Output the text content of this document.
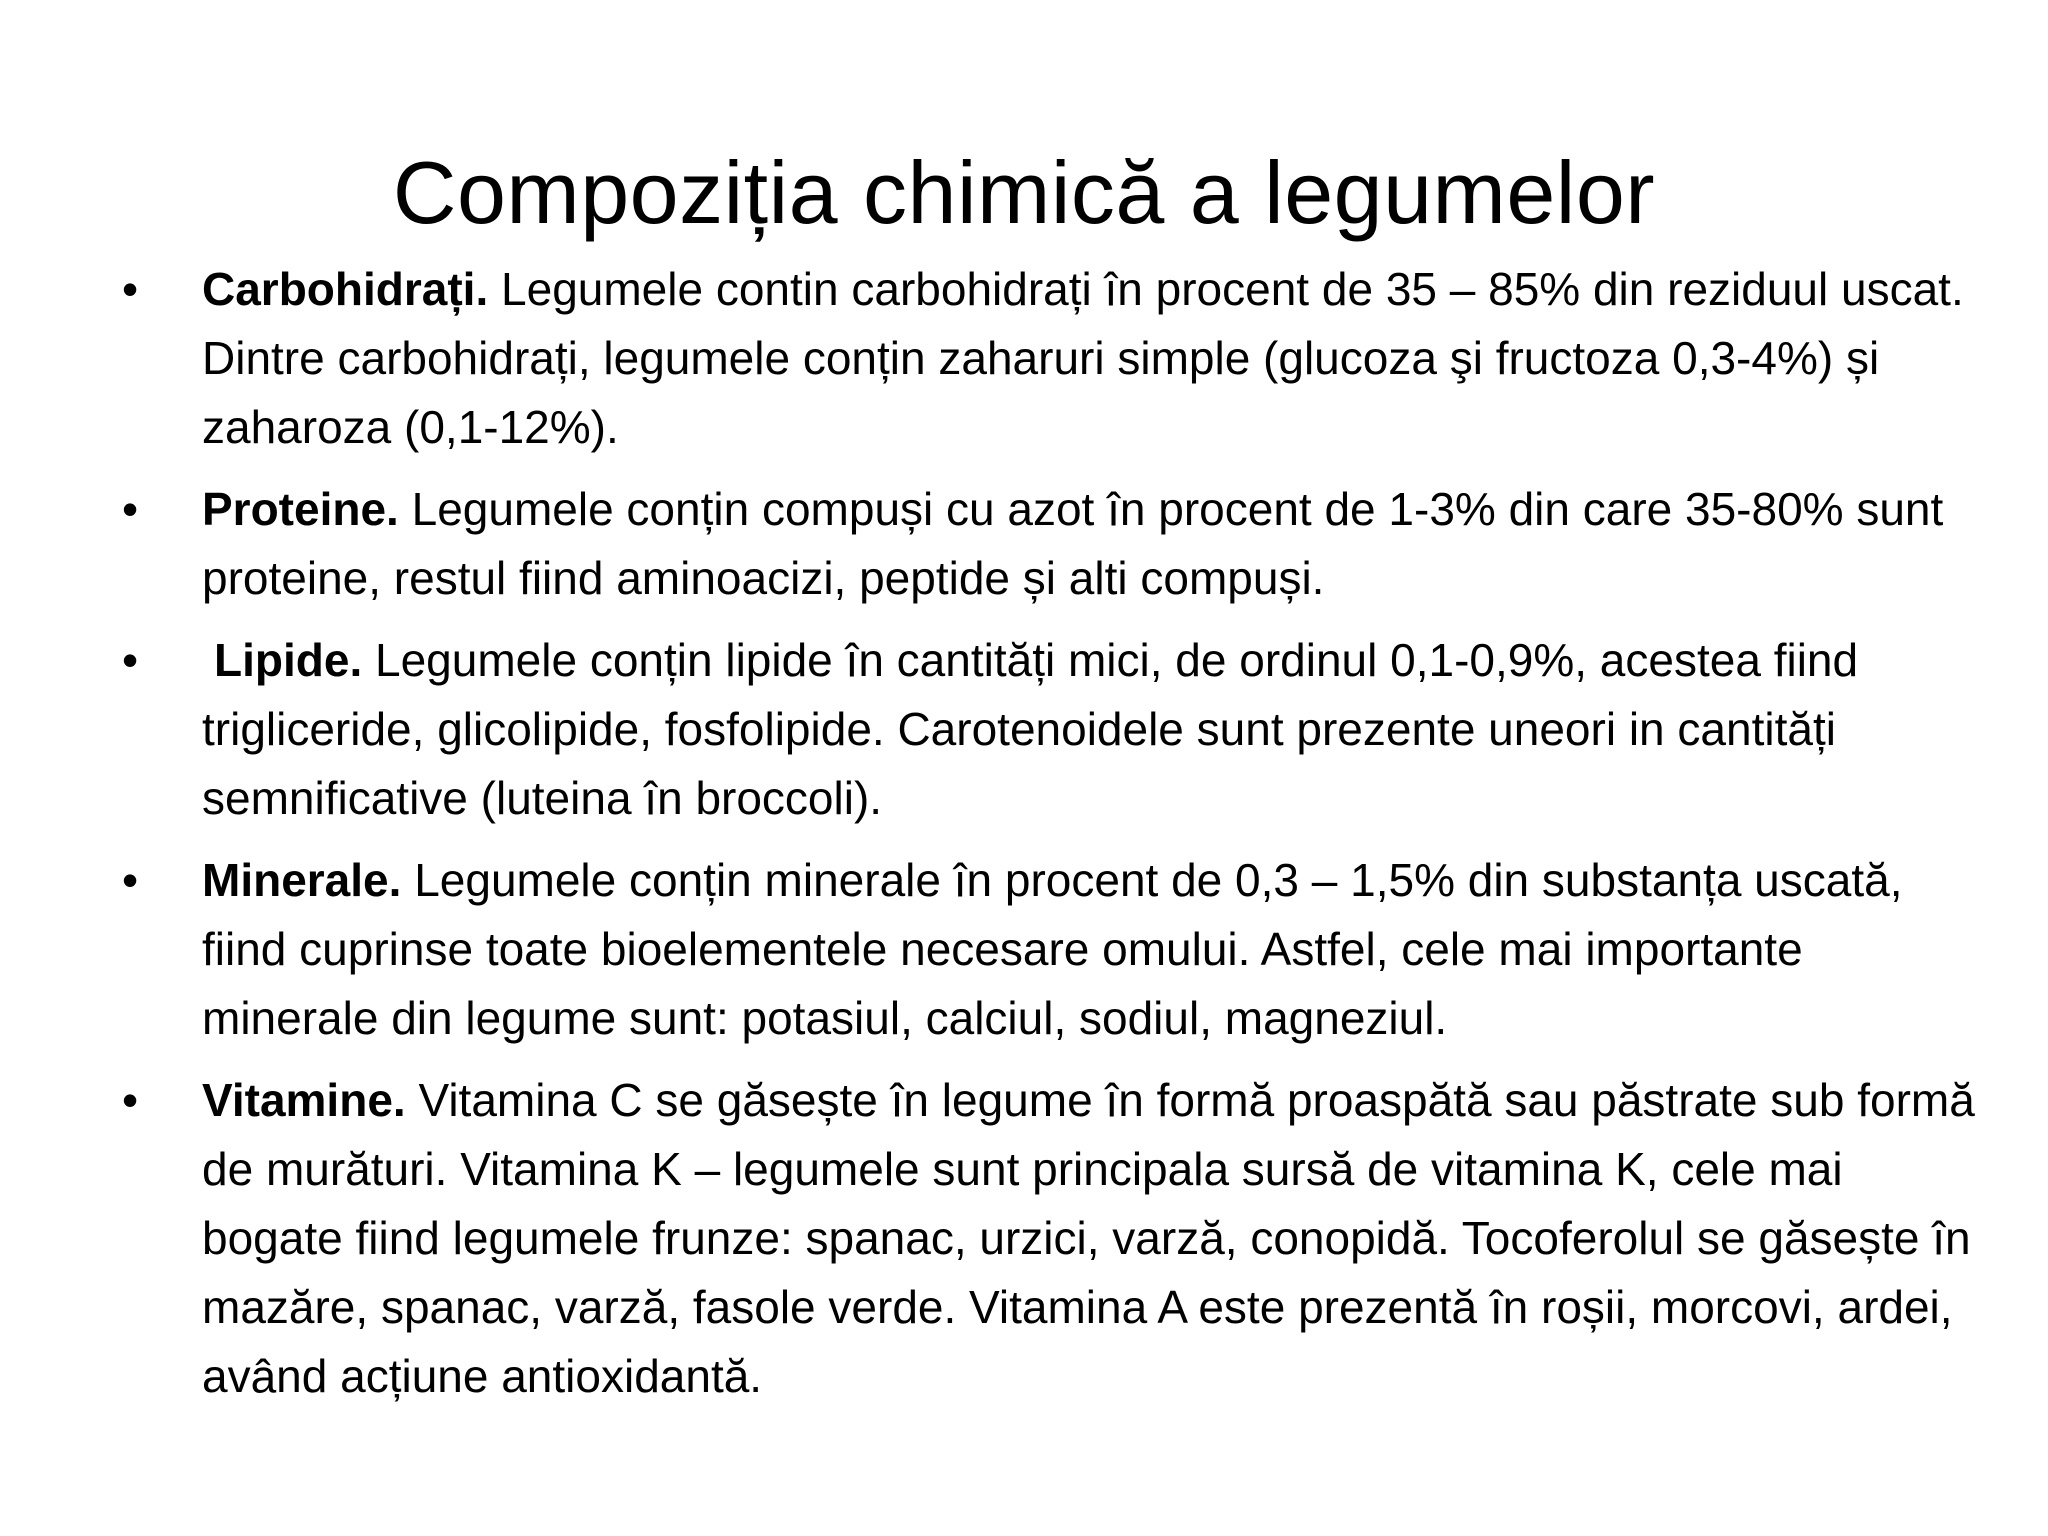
Compoziția chimică a legumelor
•	Carbohidrați. Legumele contin carbohidrați în procent de 35 – 85% din reziduul uscat. Dintre carbohidrați, legumele conțin zaharuri simple (glucoza şi fructoza 0,3-4%) și zaharoza (0,1-12%).
•	Proteine. Legumele conțin compuși cu azot în procent de 1-3% din care 35-80% sunt proteine, restul fiind aminoacizi, peptide și alti compuși.
•	Lipide. Legumele conțin lipide în cantități mici, de ordinul 0,1-0,9%, acestea fiind trigliceride, glicolipide, fosfolipide. Carotenoidele sunt prezente uneori in cantități semnificative (luteina în broccoli).
•	Minerale. Legumele conțin minerale în procent de 0,3 – 1,5% din substanța uscată, fiind cuprinse toate bioelementele necesare omului. Astfel, cele mai importante minerale din legume sunt: potasiul, calciul, sodiul, magneziul.
•	Vitamine. Vitamina C se găsește în legume în formă proaspătă sau păstrate sub formă de murături. Vitamina K – legumele sunt principala sursă de vitamina K, cele mai bogate fiind legumele frunze: spanac, urzici, varză, conopidă. Tocoferolul se găsește în mazăre, spanac, varză, fasole verde. Vitamina A este prezentă în roșii, morcovi, ardei, având acțiune antioxidantă.
